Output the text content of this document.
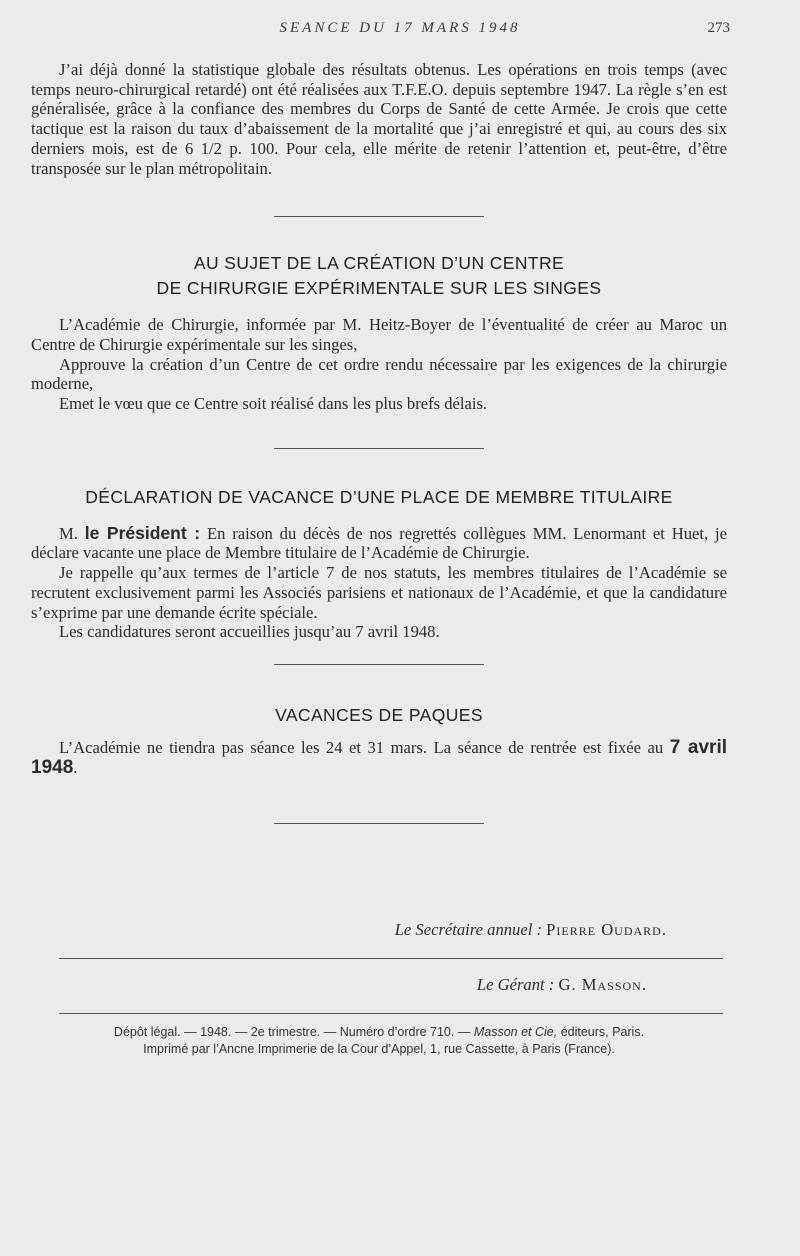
SEANCE DU 17 MARS 1948	273

J’ai déjà donné la statistique globale des résultats obtenus. Les opérations en trois temps (avec temps neuro-chirurgical retardé) ont été réalisées aux T.F.E.O. depuis septembre 1947. La règle s’en est généralisée, grâce à la confiance des membres du Corps de Santé de cette Armée. Je crois que cette tactique est la raison du taux d’abaissement de la mortalité que j’ai enregistré et qui, au cours des six derniers mois, est de 6 1/2 p. 100. Pour cela, elle mérite de retenir l’attention et, peut-être, d’être transposée sur le plan métropolitain.

AU SUJET DE LA CRÉATION D’UN CENTRE
DE CHIRURGIE EXPÉRIMENTALE SUR LES SINGES

L’Académie de Chirurgie, informée par M. Heitz-Boyer de l’éventualité de créer au Maroc un Centre de Chirurgie expérimentale sur les singes,

Approuve la création d’un Centre de cet ordre rendu nécessaire par les exigences de la chirurgie moderne,

Emet le vœu que ce Centre soit réalisé dans les plus brefs délais.

DÉCLARATION DE VACANCE D’UNE PLACE DE MEMBRE TITULAIRE

M. le Président : En raison du décès de nos regrettés collègues MM. Lenormant et Huet, je déclare vacante une place de Membre titulaire de l’Académie de Chirurgie.

Je rappelle qu’aux termes de l’article 7 de nos statuts, les membres titulaires de l’Académie se recrutent exclusivement parmi les Associés parisiens et nationaux de l’Académie, et que la candidature s’exprime par une demande écrite spéciale.

Les candidatures seront accueillies jusqu’au 7 avril 1948.

VACANCES DE PAQUES

L’Académie ne tiendra pas séance les 24 et 31 mars. La séance de rentrée est fixée au 7 avril 1948.

Le Secrétaire annuel : Pierre Oudard.
Le Gérant : G. Masson.

Dépôt légal. — 1948. — 2e trimestre. — Numéro d’ordre 710. — Masson et Cie, éditeurs, Paris.

Imprimé par l’Ancne Imprimerie de la Cour d’Appel, 1, rue Cassette, à Paris (France).
